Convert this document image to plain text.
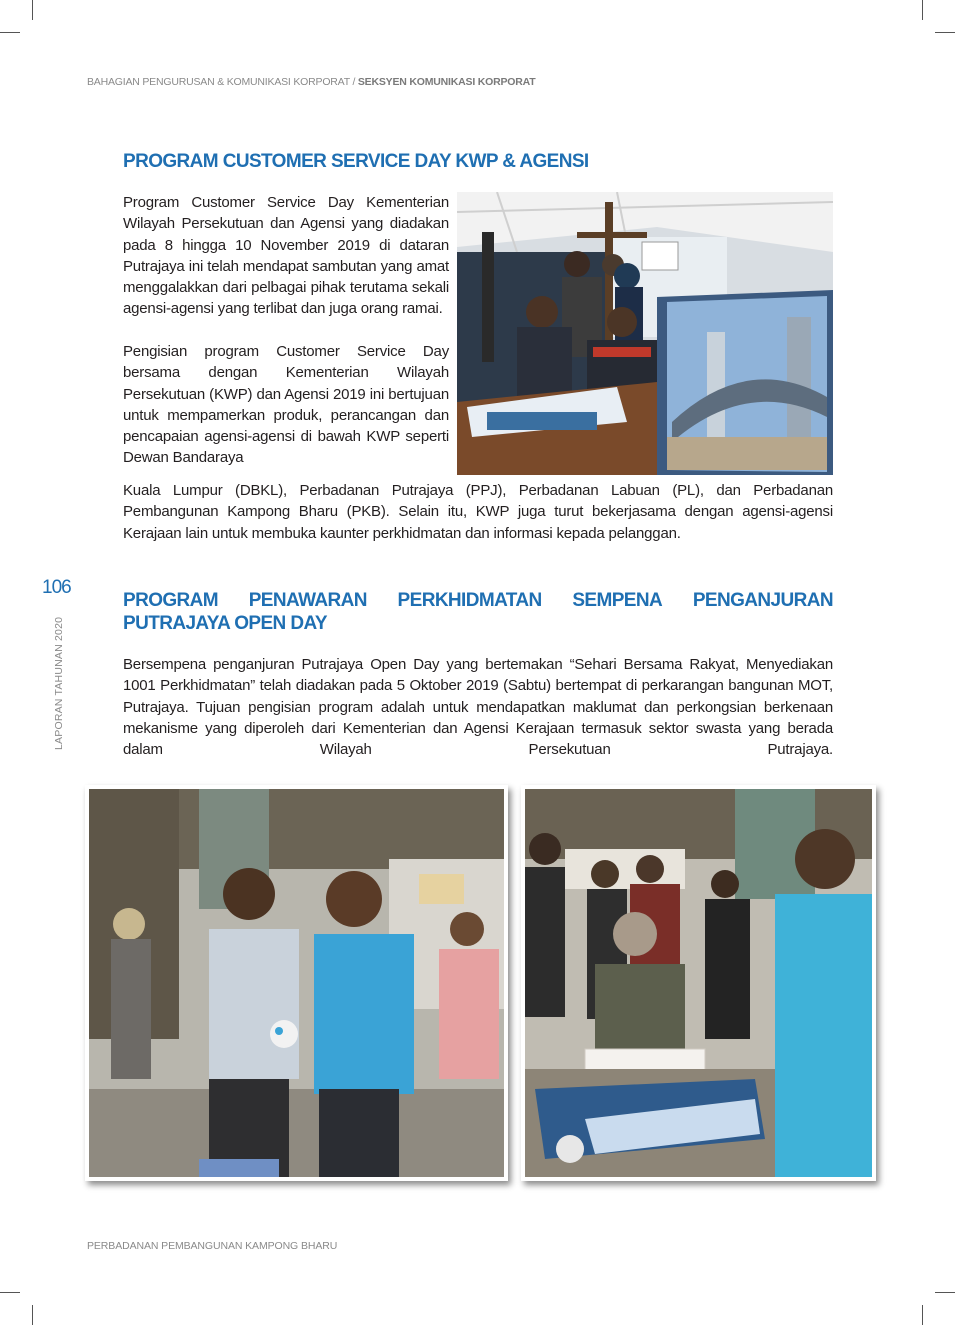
BAHAGIAN PENGURUSAN & KOMUNIKASI KORPORAT / SEKSYEN KOMUNIKASI KORPORAT
PROGRAM CUSTOMER SERVICE DAY KWP & AGENSI

Program Customer Service Day Kementerian Wilayah Persekutuan dan Agensi yang diadakan pada 8 hingga 10 November 2019 di dataran Putrajaya ini telah mendapat sambutan yang amat menggalakkan dari pelbagai pihak terutama sekali agensi-agensi yang terlibat dan juga orang ramai.

Pengisian program Customer Service Day bersama dengan Kementerian Wilayah Persekutuan (KWP) dan Agensi 2019 ini bertujuan untuk mempamerkan produk, perancangan dan pencapaian agensi-agensi di bawah KWP seperti Dewan Bandaraya

Kuala Lumpur (DBKL), Perbadanan Putrajaya (PPJ), Perbadanan Labuan (PL), dan Perbadanan Pembangunan Kampong Bharu (PKB). Selain itu, KWP juga turut bekerjasama dengan agensi-agensi Kerajaan lain untuk membuka kaunter perkhidmatan dan informasi kepada pelanggan.

106
LAPORAN TAHUNAN 2020
PROGRAM PENAWARAN PERKHIDMATAN SEMPENA PENGANJURAN
PUTRAJAYA OPEN DAY

Bersempena penganjuran Putrajaya Open Day yang bertemakan “Sehari Bersama Rakyat, Menyediakan 1001 Perkhidmatan” telah diadakan pada 5 Oktober 2019 (Sabtu) bertempat di perkarangan bangunan MOT, Putrajaya. Tujuan pengisian program adalah untuk mendapatkan maklumat dan perkongsian berkenaan mekanisme yang diperoleh dari Kementerian dan Agensi Kerajaan termasuk sektor swasta yang berada dalam Wilayah Persekutuan Putrajaya.

PERBADANAN PEMBANGUNAN KAMPONG BHARU
